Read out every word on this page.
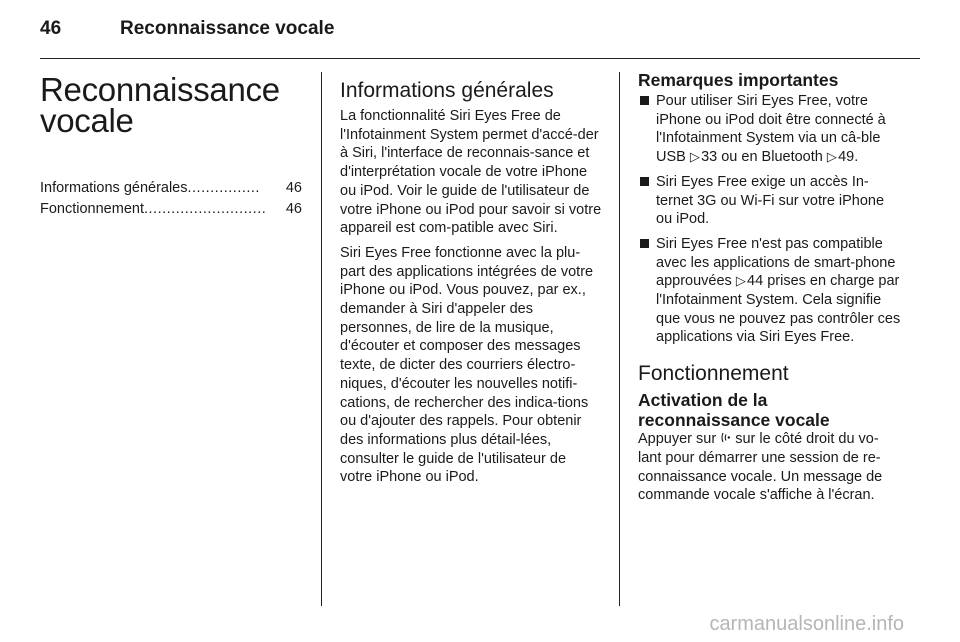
46	Reconnaissance vocale
Reconnaissance
vocale
Informations générales ................	46
Fonctionnement ...........................	46
Informations générales

La fonctionnalité Siri Eyes Free de l'Infotainment System permet d'accé-der à Siri, l'interface de reconnais-sance et d'interprétation vocale de votre iPhone ou iPod. Voir le guide de l'utilisateur de votre iPhone ou iPod pour savoir si votre appareil est com-patible avec Siri.

Siri Eyes Free fonctionne avec la plu-part des applications intégrées de votre iPhone ou iPod. Vous pouvez, par ex., demander à Siri d'appeler des personnes, de lire de la musique, d'écouter et composer des messages texte, de dicter des courriers électro-niques, d'écouter les nouvelles notifi-cations, de rechercher des indica-tions ou d'ajouter des rappels. Pour obtenir des informations plus détail-lées, consulter le guide de l'utilisateur de votre iPhone ou iPod.

Remarques importantes
Pour utiliser Siri Eyes Free, votre iPhone ou iPod doit être connecté à l'Infotainment System via un câ-ble USB ▷ 33 ou en Bluetooth ▷ 49.
Siri Eyes Free exige un accès In-ternet 3G ou Wi-Fi sur votre iPhone ou iPod.
Siri Eyes Free n'est pas compatible avec les applications de smart-phone approuvées ▷ 44 prises en charge par l'Infotainment System. Cela signifie que vous ne pouvez pas contrôler ces applications via Siri Eyes Free.
Fonctionnement
Activation de la reconnaissance vocale

Appuyer sur  sur le côté droit du vo-lant pour démarrer une session de re-connaissance vocale. Un message de commande vocale s'affiche à l'écran.

carmanualsonline.info
